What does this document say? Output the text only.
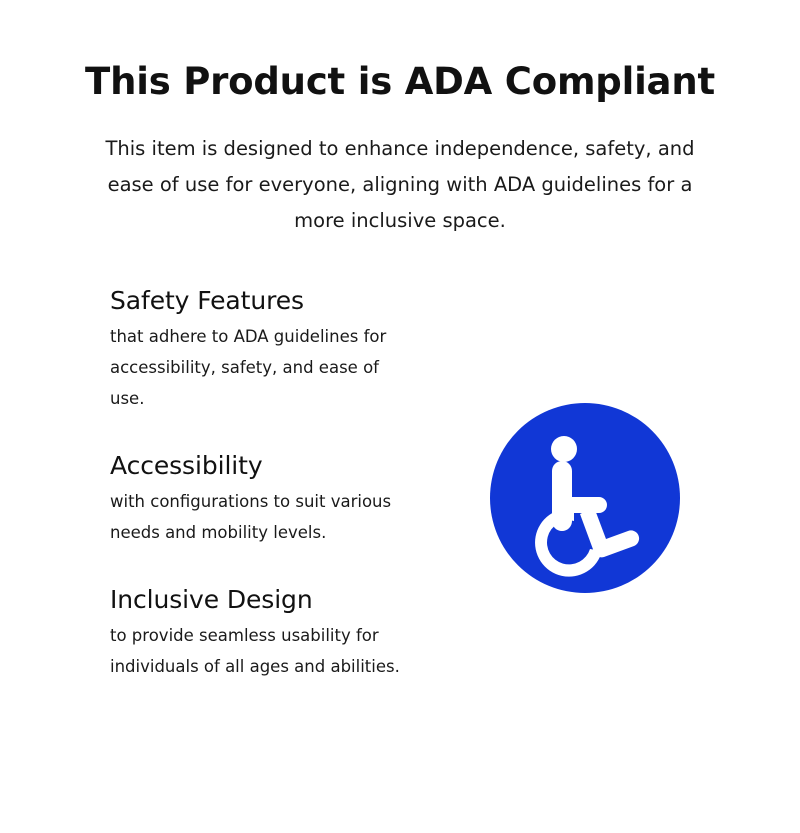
This Product is ADA Compliant

This item is designed to enhance independence, safety, and ease of use for everyone, aligning with ADA guidelines for a more inclusive space.

Safety Features

that adhere to ADA guidelines for accessibility, safety, and ease of use.

Accessibility

with configurations to suit various needs and mobility levels.

Inclusive Design

to provide seamless usability for individuals of all ages and abilities.
